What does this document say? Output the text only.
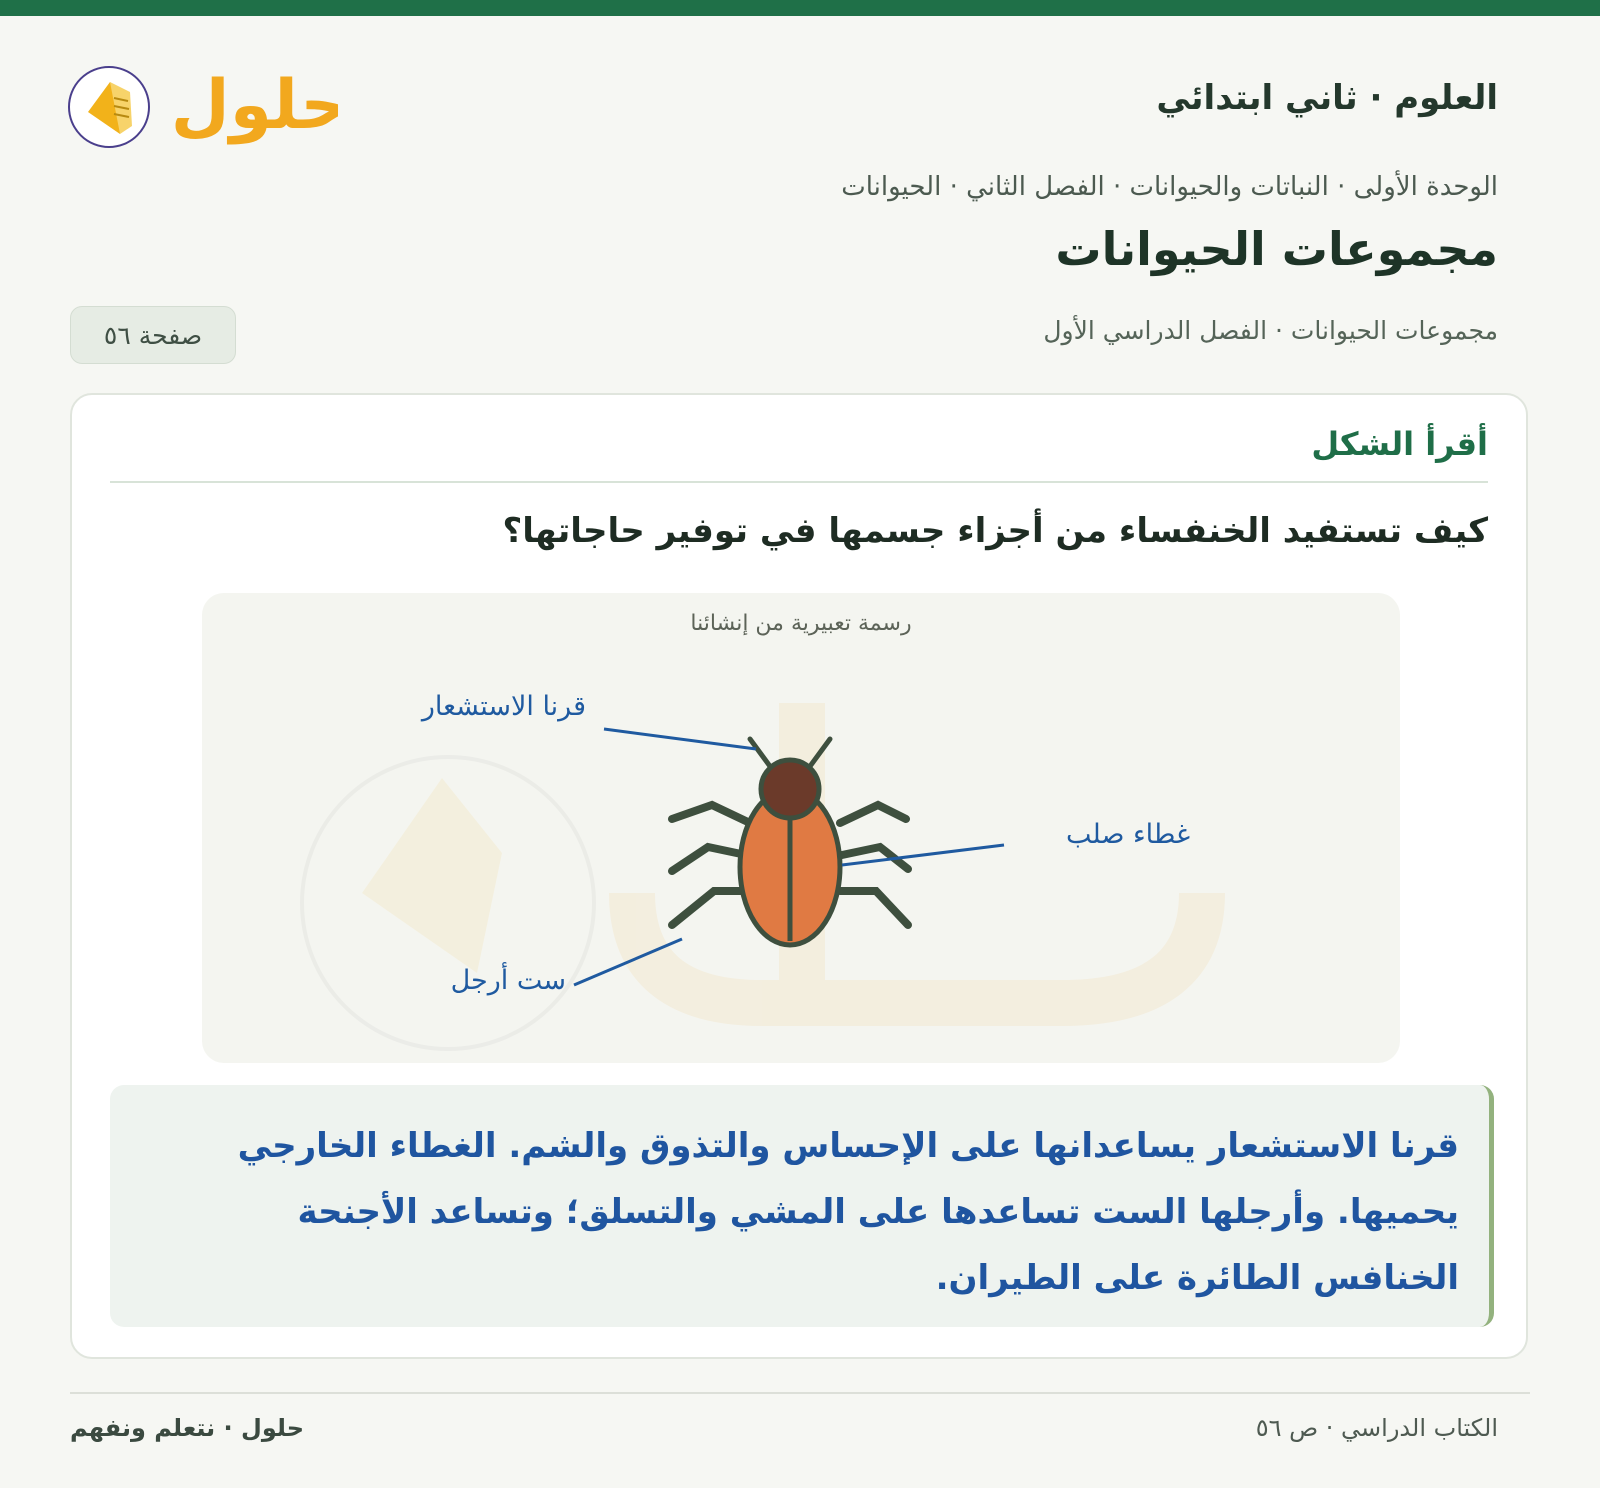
العلوم · ثاني ابتدائي
حلول
الوحدة الأولى · النباتات والحيوانات · الفصل الثاني · الحيوانات
مجموعات الحيوانات
مجموعات الحيوانات · الفصل الدراسي الأول
صفحة ٥٦
أقرأ الشكل
كيف تستفيد الخنفساء من أجزاء جسمها في توفير حاجاتها؟
رسمة تعبيرية من إنشائنا
قرنا الاستشعار
غطاء صلب
ست أرجل
قرنا الاستشعار يساعدانها على الإحساس والتذوق والشم. الغطاء الخارجي يحميها. وأرجلها الست تساعدها على المشي والتسلق؛ وتساعد الأجنحة الخنافس الطائرة على الطيران.
الكتاب الدراسي · ص ٥٦
حلول · نتعلم ونفهم
